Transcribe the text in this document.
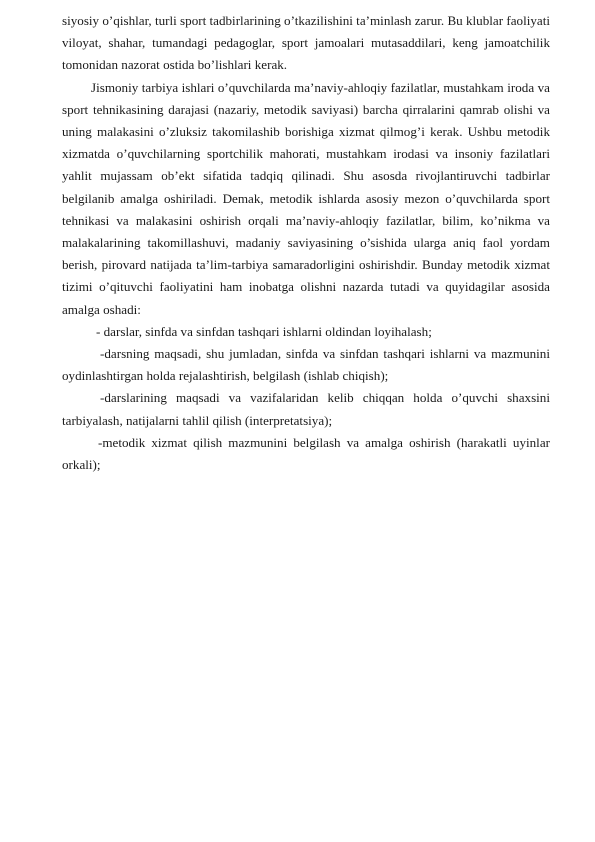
siyosiy o’qishlar, turli sport tadbirlarining o’tkazilishini ta’minlash zarur. Bu klublar faoliyati viloyat, shahar, tumandagi pedagoglar, sport jamoalari mutasaddilari, keng jamoatchilik tomonidan nazorat ostida bo’lishlari kerak.

Jismoniy tarbiya ishlari o’quvchilarda ma’naviy-ahloqiy fazilatlar, mustahkam iroda va sport tehnikasining darajasi (nazariy, metodik saviyasi) barcha qirralarini qamrab olishi va uning malakasini o’zluksiz takomilashib borishiga xizmat qilmog’i kerak. Ushbu metodik xizmatda o’quvchilarning sportchilik mahorati, mustahkam irodasi va insoniy fazilatlari yahlit mujassam ob’ekt sifatida tadqiq qilinadi. Shu asosda rivojlantiruvchi tadbirlar belgilanib amalga oshiriladi. Demak, metodik ishlarda asosiy mezon o’quvchilarda sport tehnikasi va malakasini oshirish orqali ma’naviy-ahloqiy fazilatlar, bilim, ko’nikma va malakalarining takomillashuvi, madaniy saviyasining o’sishida ularga aniq faol yordam berish, pirovard natijada ta’lim-tarbiya samaradorligini oshirishdir. Bunday metodik xizmat tizimi o’qituvchi faoliyatini ham inobatga olishni nazarda tutadi va quyidagilar asosida amalga oshadi:

- darslar, sinfda va sinfdan tashqari ishlarni oldindan loyihalash;

-darsning maqsadi, shu jumladan, sinfda va sinfdan tashqari ishlarni va mazmunini oydinlashtirgan holda rejalashtirish, belgilash (ishlab chiqish);

-darslarining maqsadi va vazifalaridan kelib chiqqan holda o’quvchi shaxsini tarbiyalash, natijalarni tahlil qilish (interpretatsiya);

-metodik xizmat qilish mazmunini belgilash va amalga oshirish (harakatli uyinlar orkali);
